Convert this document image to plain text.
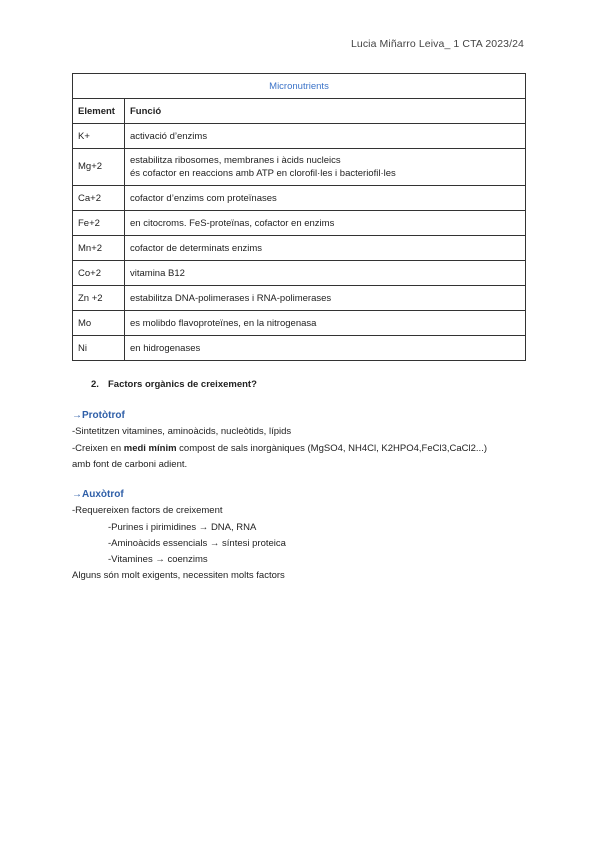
Lucia Miñarro Leiva_ 1 CTA 2023/24
Micronutrients	
Element	Funció
K+	activació d’enzims
Mg+2	estabilitza ribosomes, membranes i àcids nucleics
és cofactor en reaccions amb ATP en clorofil·les i bacteriofil·les

Ca+2	cofactor d’enzims com proteïnases
Fe+2	en citocroms. FeS-proteïnas, cofactor en enzims
Mn+2	cofactor de determinats enzims
Co+2	vitamina B12
Zn +2	estabilitza DNA-polimerases i RNA-polimerases
Mo	es molibdo flavoproteïnes, en la nitrogenasa
Ni	en hidrogenases
2. Factors orgànics de creixement?

→Protòtrof

-Sintetitzen vitamines, aminoàcids, nucleòtids, lípids

-Creixen en medi mínim compost de sals inorgàniques (MgSO4, NH4Cl, K2HPO4,FeCl3,CaCl2...)

amb font de carboni adient.

→Auxòtrof

-Requereixen factors de creixement

-Purines i pirimidines → DNA, RNA

-Aminoàcids essencials → síntesi proteica

-Vitamines → coenzims

Alguns són molt exigents, necessiten molts factors
